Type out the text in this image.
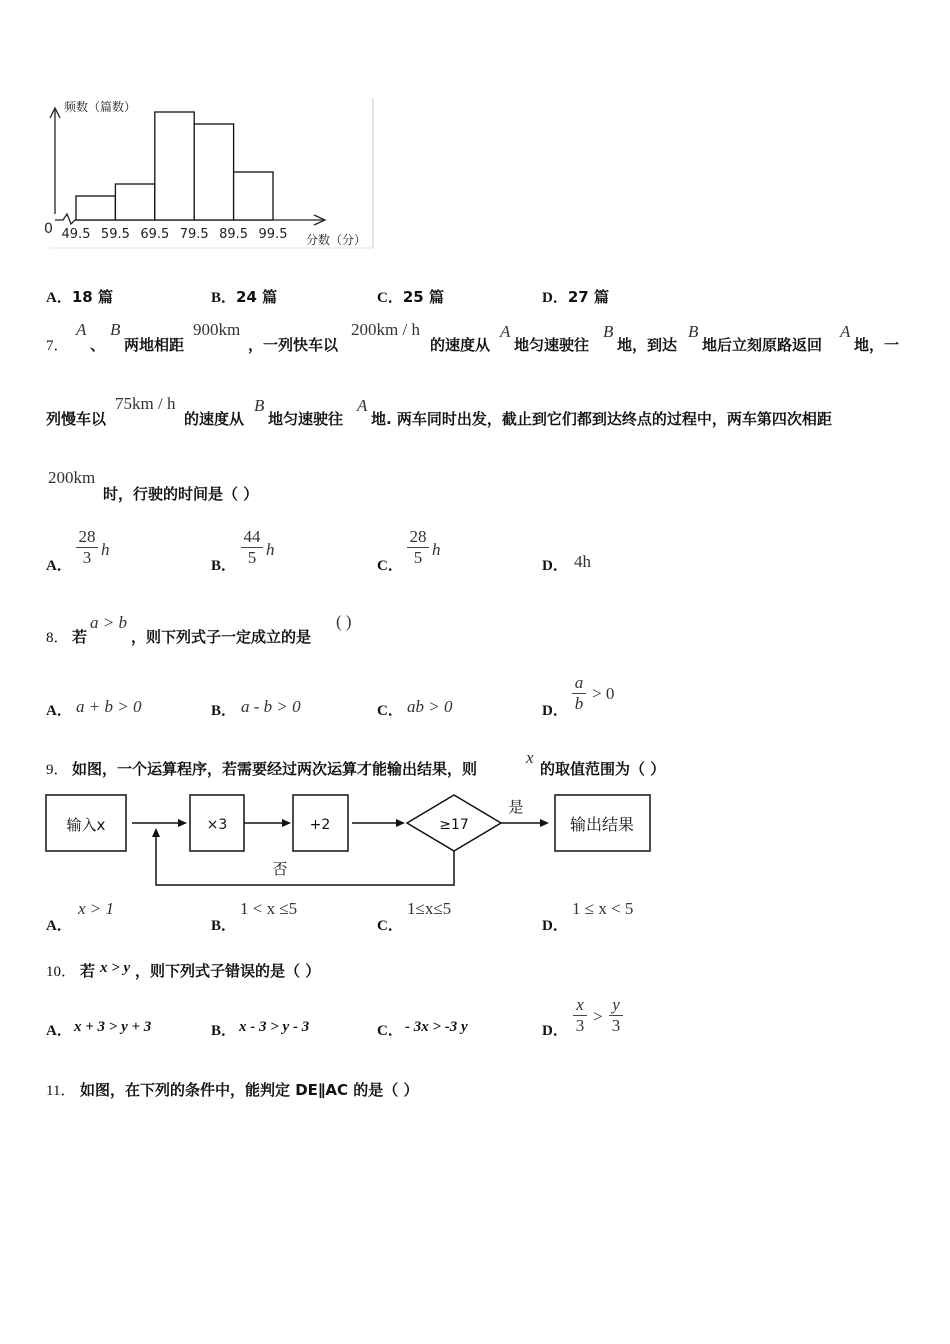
49.5 59.5 69.5 79.5 89.5 99.5
频数（篇数）
分数（分）
0
A．18 篇	B．24 篇	C．25 篇	D．27 篇
7．
A
、
B
两地相距
900km
，一列快车以
200km / h
的速度从
A
地匀速驶往
B
地，到达
B
地后立刻原路返回
A
地，一
列慢车以
75km / h
的速度从
B
地匀速驶往
A
地. 两车同时出发，截止到它们都到达终点的过程中，两车第四次相距
200km
时，行驶的时间是（ ）
A．
28
3 h
B．
44
5 h
C．
28
5 h
D． 4h
8． 若
a > b
，则下列式子一定成立的是
( )
A． a + b > 0	B． a - b > 0	C． ab > 0	D．
a
b
> 0
9． 如图，一个运算程序，若需要经过两次运算才能输出结果，则
x
的取值范围为（ ）
输入x	×3	+2	≥17
是
输出结果
否
A．
x > 1
B．
1 < x ≤5
C．
1≤x≤5
D．
1 ≤ x < 5
10． 若 x > y ，则下列式子错误的是（ ）
A． x + 3 > y + 3	B． x - 3 > y - 3	C． - 3x > -3 y	D．
x
3 >
y
3
11． 如图，在下列的条件中，能判定 DE∥AC 的是（ ）
